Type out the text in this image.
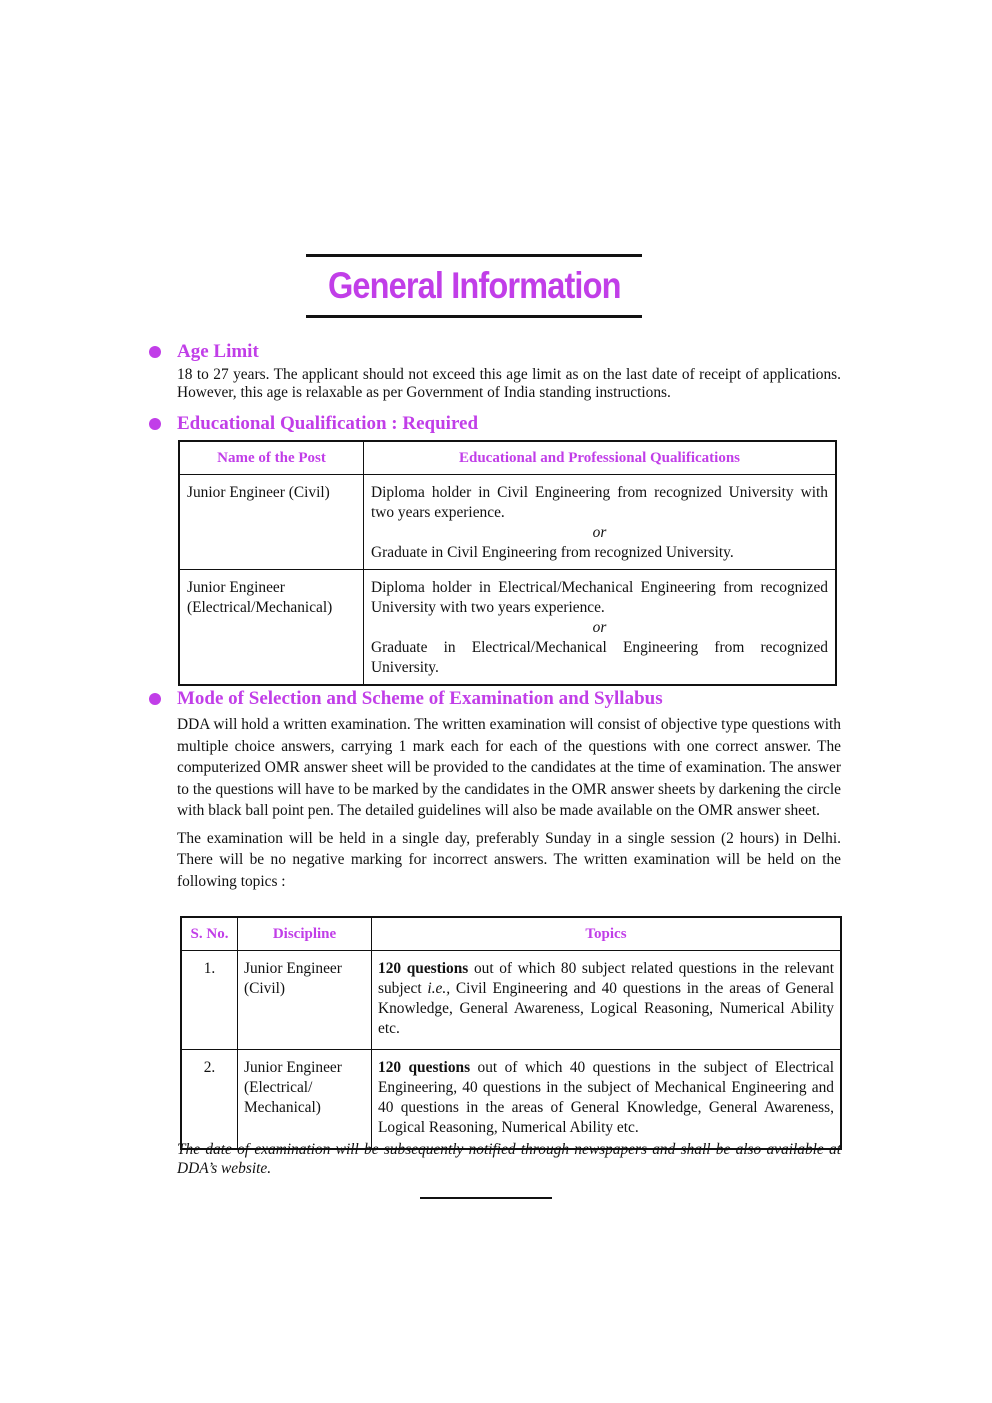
General Information
Age Limit
18 to 27 years. The applicant should not exceed this age limit as on the last date of receipt of applications. However, this age is relaxable as per Government of India standing instructions.
Educational Qualification : Required
Name of the Post	Educational and Professional Qualifications
Junior Engineer (Civil)	Diploma holder in Civil Engineering from recognized University with two years experience.
or
Graduate in Civil Engineering from recognized University.

Junior Engineer (Electrical/Mechanical)	Diploma holder in Electrical/Mechanical Engineering from recognized University with two years experience.
or
Graduate in Electrical/Mechanical Engineering from recognized University.
Mode of Selection and Scheme of Examination and Syllabus
DDA will hold a written examination. The written examination will consist of objective type questions with multiple choice answers, carrying 1 mark each for each of the questions with one correct answer. The computerized OMR answer sheet will be provided to the candidates at the time of examination. The answer to the questions will have to be marked by the candidates in the OMR answer sheets by darkening the circle with black ball point pen. The detailed guidelines will also be made available on the OMR answer sheet.
The examination will be held in a single day, preferably Sunday in a single session (2 hours) in Delhi. There will be no negative marking for incorrect answers. The written examination will be held on the following topics :
S. No.	Discipline	Topics
1.	Junior Engineer (Civil)	120 questions out of which 80 subject related questions in the relevant subject i.e., Civil Engineering and 40 questions in the areas of General Knowledge, General Awareness, Logical Reasoning, Numerical Ability etc.
2.	Junior Engineer (Electrical/ Mechanical)	120 questions out of which 40 questions in the subject of Electrical Engineering, 40 questions in the subject of Mechanical Engineering and 40 questions in the areas of General Knowledge, General Awareness, Logical Reasoning, Numerical Ability etc.
The date of examination will be subsequently notified through newspapers and shall be also available at DDA’s website.
